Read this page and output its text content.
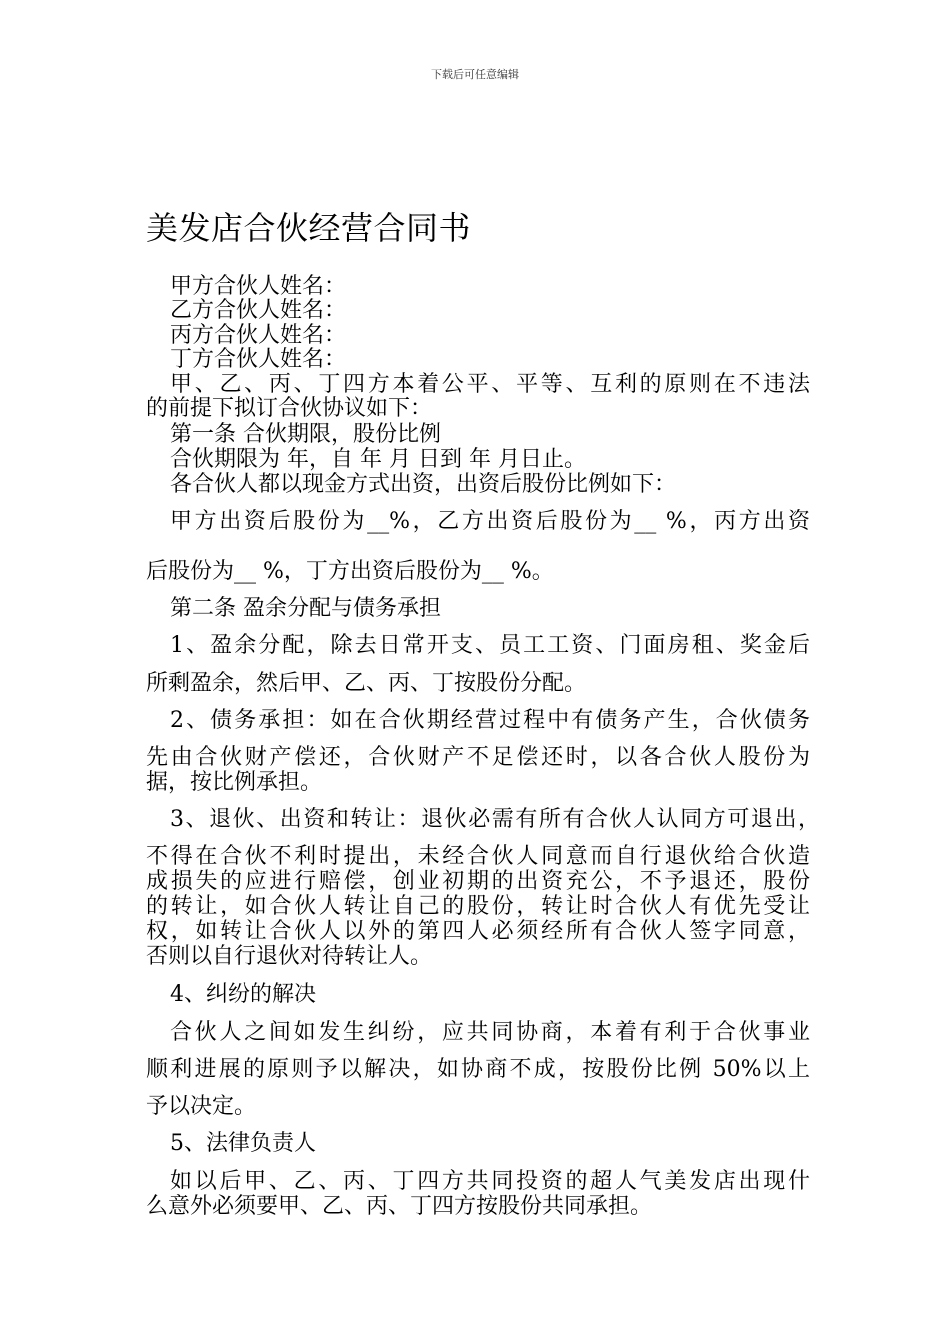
下载后可任意编辑
美发店合伙经营合同书
甲方合伙人姓名：
乙方合伙人姓名：
丙方合伙人姓名：
丁方合伙人姓名：
甲、乙、丙、丁四方本着公平、平等、互利的原则在不违法
的前提下拟订合伙协议如下：
第一条 合伙期限，股份比例
合伙期限为 年，自 年 月 日到 年 月日止。
各合伙人都以现金方式出资，出资后股份比例如下：
甲方出资后股份为__%，乙方出资后股份为__ %，丙方出资
后股份为__ %，丁方出资后股份为__ %。
第二条 盈余分配与债务承担
1、盈余分配，除去日常开支、员工工资、门面房租、奖金后
所剩盈余，然后甲、乙、丙、丁按股份分配。
2、债务承担：如在合伙期经营过程中有债务产生，合伙债务
先由合伙财产偿还，合伙财产不足偿还时，以各合伙人股份为
据，按比例承担。
3、退伙、出资和转让：退伙必需有所有合伙人认同方可退出，
不得在合伙不利时提出，未经合伙人同意而自行退伙给合伙造
成损失的应进行赔偿，创业初期的出资充公，不予退还，股份
的转让，如合伙人转让自己的股份，转让时合伙人有优先受让
权，如转让合伙人以外的第四人必须经所有合伙人签字同意，
否则以自行退伙对待转让人。
4、纠纷的解决
合伙人之间如发生纠纷，应共同协商，本着有利于合伙事业
顺利进展的原则予以解决，如协商不成，按股份比例 50%以上
予以决定。
5、法律负责人
如以后甲、乙、丙、丁四方共同投资的超人气美发店出现什
么意外必须要甲、乙、丙、丁四方按股份共同承担。
